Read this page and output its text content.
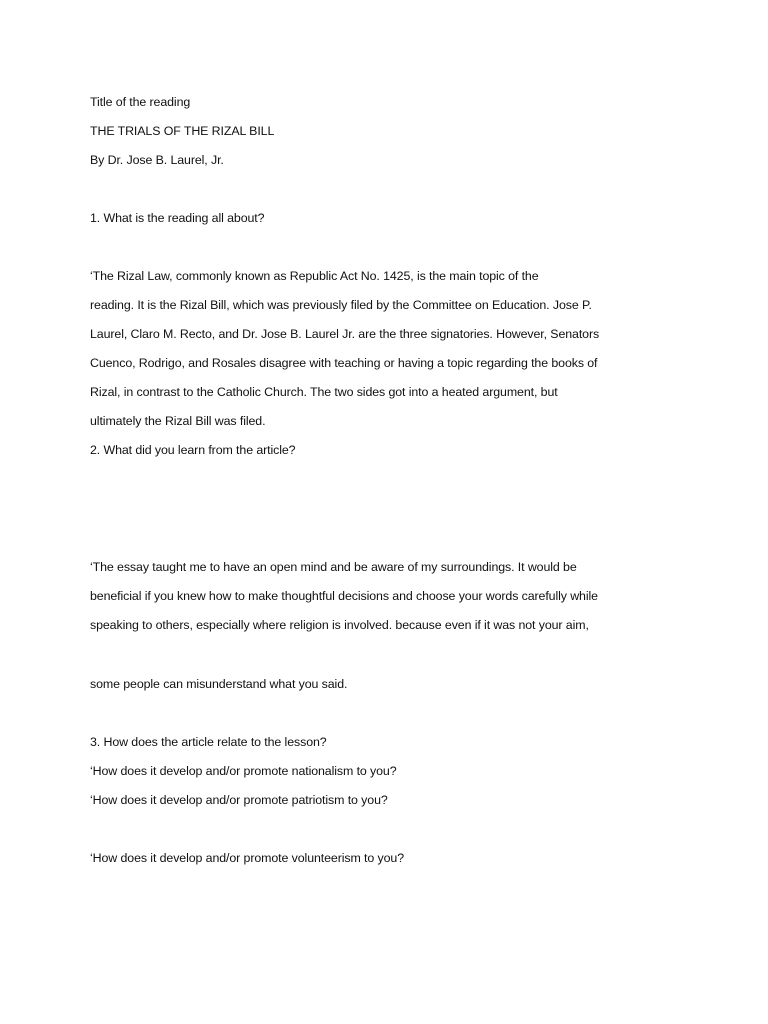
Title of the reading
THE TRIALS OF THE RIZAL BILL
By Dr. Jose B. Laurel, Jr.
1. What is the reading all about?
‘The Rizal Law, commonly known as Republic Act No. 1425, is the main topic of the
reading. It is the Rizal Bill, which was previously filed by the Committee on Education. Jose P.
Laurel, Claro M. Recto, and Dr. Jose B. Laurel Jr. are the three signatories. However, Senators
Cuenco, Rodrigo, and Rosales disagree with teaching or having a topic regarding the books of
Rizal, in contrast to the Catholic Church. The two sides got into a heated argument, but
ultimately the Rizal Bill was filed.
2. What did you learn from the article?
‘The essay taught me to have an open mind and be aware of my surroundings. It would be
beneficial if you knew how to make thoughtful decisions and choose your words carefully while
speaking to others, especially where religion is involved. because even if it was not your aim,
some people can misunderstand what you said.
3. How does the article relate to the lesson?
‘How does it develop and/or promote nationalism to you?
‘How does it develop and/or promote patriotism to you?
‘How does it develop and/or promote volunteerism to you?
